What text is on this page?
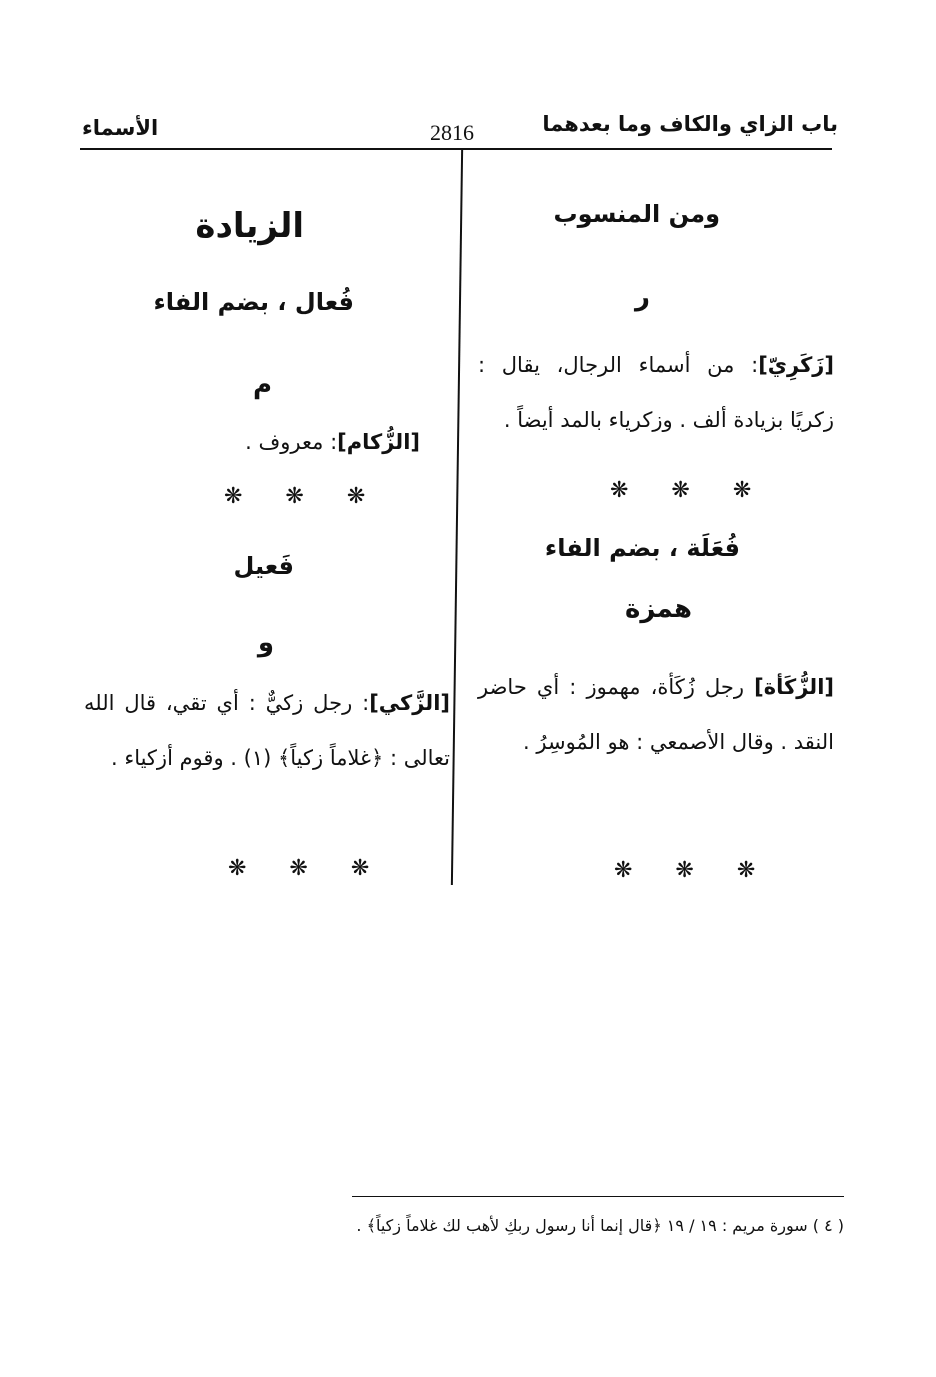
باب الزاي والكاف وما بعدهما
2816
الأسماء
ومن المنسوب
ر
[زَكَرِيّ]: من أسماء الرجال، يقال : زكريًا بزيادة ألف . وزكرياء بالمد أيضاً .
❋ ❋ ❋
فُعَلَة ، بضم الفاء
همزة
[الزُّكَأة] رجل زُكَأة، مهموز : أي حاضر النقد . وقال الأصمعي : هو المُوسِرُ .
❋ ❋ ❋
الزيادة
فُعال ، بضم الفاء
م
[الزُّكام]: معروف .
❋ ❋ ❋
فَعيل
و
[الزَّكي]: رجل زكيٌّ : أي تقي، قال الله تعالى : ﴿غلاماً زكياً﴾ (١) . وقوم أزكياء .
❋ ❋ ❋
( ٤ ) سورة مريم : ١٩ / ١٩ ﴿قال إنما أنا رسول ربكِ لأهب لك غلاماً زكياً﴾ .
